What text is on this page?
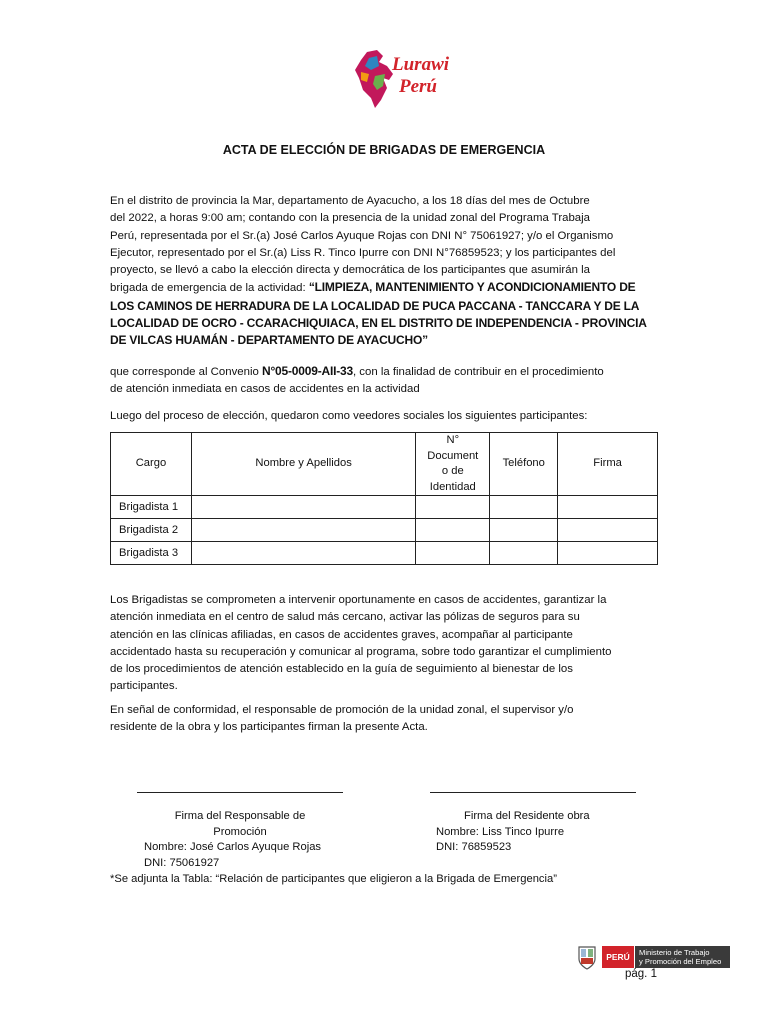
Lurawi
Perú
ACTA DE ELECCIÓN DE BRIGADAS DE EMERGENCIA
En el distrito de provincia la Mar, departamento de Ayacucho, a los 18 días del mes de Octubre
del 2022, a horas 9:00 am; contando con la presencia de la unidad zonal del Programa Trabaja
Perú, representada por el Sr.(a) José Carlos Ayuque Rojas con DNI N° 75061927; y/o el Organismo
Ejecutor, representado por el Sr.(a) Liss R. Tinco Ipurre con DNI N°76859523; y los participantes del
proyecto, se llevó a cabo la elección directa y democrática de los participantes que asumirán la
brigada de emergencia de la actividad: “LIMPIEZA, MANTENIMIENTO Y ACONDICIONAMIENTO DE
LOS CAMINOS DE HERRADURA DE LA LOCALIDAD DE PUCA PACCANA - TANCCARA Y DE LA
LOCALIDAD DE OCRO - CCARACHIQUIACA, EN EL DISTRITO DE INDEPENDENCIA - PROVINCIA
DE VILCAS HUAMÁN - DEPARTAMENTO DE AYACUCHO”
que corresponde al Convenio N°05-0009-AII-33, con la finalidad de contribuir en el procedimiento
de atención inmediata en casos de accidentes en la actividad
Luego del proceso de elección, quedaron como veedores sociales los siguientes participantes:
Cargo	Nombre y Apellidos	N° Document o de Identidad	Teléfono	Firma
Brigadista 1				
Brigadista 2				
Brigadista 3				
Los Brigadistas se comprometen a intervenir oportunamente en casos de accidentes, garantizar la
atención inmediata en el centro de salud más cercano, activar las pólizas de seguros para su
atención en las clínicas afiliadas, en casos de accidentes graves, acompañar al participante
accidentado hasta su recuperación y comunicar al programa, sobre todo garantizar el cumplimiento
de los procedimientos de atención establecido en la guía de seguimiento al bienestar de los
participantes.
En señal de conformidad, el responsable de promoción de la unidad zonal, el supervisor y/o
residente de la obra y los participantes firman la presente Acta.
Firma del Responsable de
Promoción
Nombre: José Carlos Ayuque Rojas
DNI: 75061927
Firma del Residente obra
Nombre: Liss Tinco Ipurre
DNI: 76859523
*Se adjunta la Tabla: “Relación de participantes que eligieron a la Brigada de Emergencia”
PERÚ	Ministerio de Trabajo
y Promoción del Empleo
pág. 1
